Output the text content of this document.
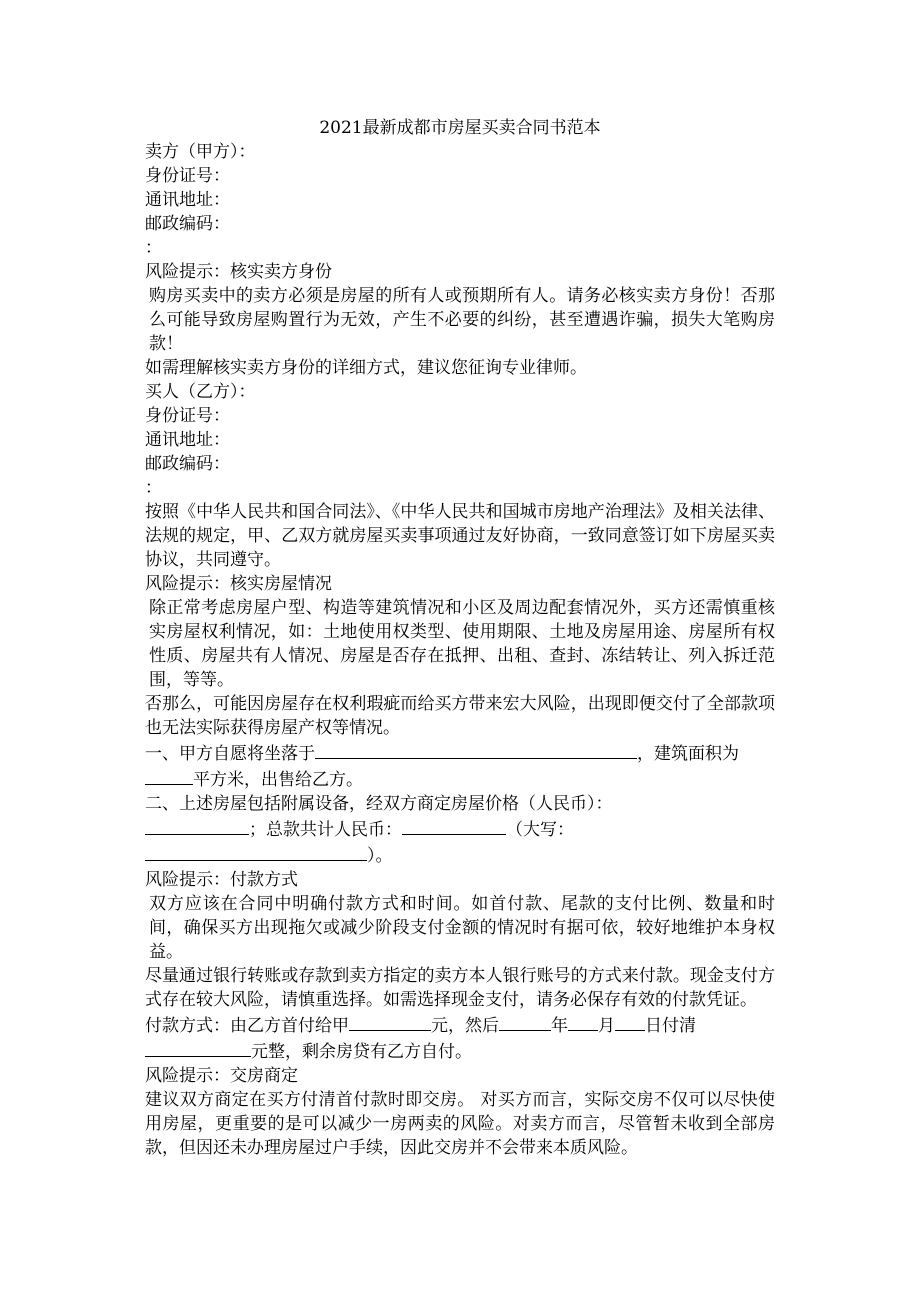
2021最新成都市房屋买卖合同书范本

卖方（甲方）：

身份证号：

通讯地址：

邮政编码：

：

风险提示：核实卖方身份

购房买卖中的卖方必须是房屋的所有人或预期所有人。请务必核实卖方身份！否那么可能导致房屋购置行为无效，产生不必要的纠纷，甚至遭遇诈骗，损失大笔购房款！

如需理解核实卖方身份的详细方式，建议您征询专业律师。

买人（乙方）：

身份证号：

通讯地址：

邮政编码：

：

按照《中华人民共和国合同法》、《中华人民共和国城市房地产治理法》及相关法律、法规的规定，甲、乙双方就房屋买卖事项通过友好协商，一致同意签订如下房屋买卖协议，共同遵守。

风险提示：核实房屋情况

除正常考虑房屋户型、构造等建筑情况和小区及周边配套情况外，买方还需慎重核实房屋权利情况，如：土地使用权类型、使用期限、土地及房屋用途、房屋所有权性质、房屋共有人情况、房屋是否存在抵押、出租、查封、冻结转让、列入拆迁范围，等等。

否那么，可能因房屋存在权利瑕疵而给买方带来宏大风险，出现即便交付了全部款项也无法实际获得房屋产权等情况。

一、甲方自愿将坐落于	，建筑面积为
平方米，出售给乙方。

二、上述房屋包括附属设备，经双方商定房屋价格（人民币）：
；总款共计人民币：	（大写：
）。

风险提示：付款方式

双方应该在合同中明确付款方式和时间。如首付款、尾款的支付比例、数量和时间，确保买方出现拖欠或减少阶段支付金额的情况时有据可依，较好地维护本身权益。

尽量通过银行转账或存款到卖方指定的卖方本人银行账号的方式来付款。现金支付方式存在较大风险，请慎重选择。如需选择现金支付，请务必保存有效的付款凭证。

付款方式：由乙方首付给甲	元，然后	年 月 日付清
元整，剩余房贷有乙方自付。

风险提示：交房商定

建议双方商定在买方付清首付款时即交房。 对买方而言，实际交房不仅可以尽快使用房屋，更重要的是可以减少一房两卖的风险。对卖方而言，尽管暂未收到全部房款，但因还未办理房屋过户手续，因此交房并不会带来本质风险。
